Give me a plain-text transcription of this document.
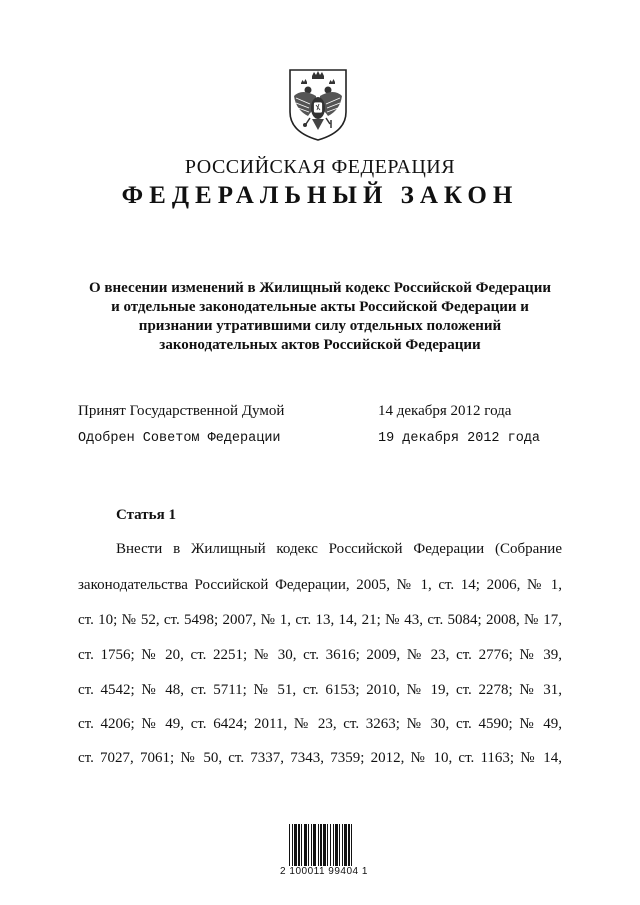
РОССИЙСКАЯ ФЕДЕРАЦИЯ
ФЕДЕРАЛЬНЫЙ ЗАКОН
О внесении изменений в Жилищный кодекс Российской Федерации
и отдельные законодательные акты Российской Федерации и
признании утратившими силу отдельных положений
законодательных актов Российской Федерации
Принят Государственной Думой	14 декабря 2012 года
Одобрен Советом Федерации	19 декабря 2012 года
Статья 1
Внести в Жилищный кодекс Российской Федерации (Собрание
законодательства Российской Федерации, 2005, № 1, ст. 14; 2006, № 1,
ст. 10; № 52, ст. 5498; 2007, № 1, ст. 13, 14, 21; № 43, ст. 5084; 2008, № 17,
ст. 1756; № 20, ст. 2251; № 30, ст. 3616; 2009, № 23, ст. 2776; № 39,
ст. 4542; № 48, ст. 5711; № 51, ст. 6153; 2010, № 19, ст. 2278; № 31,
ст. 4206; № 49, ст. 6424; 2011, № 23, ст. 3263; № 30, ст. 4590; № 49,
ст. 7027, 7061; № 50, ст. 7337, 7343, 7359; 2012, № 10, ст. 1163; № 14,
2 100011 99404 1
